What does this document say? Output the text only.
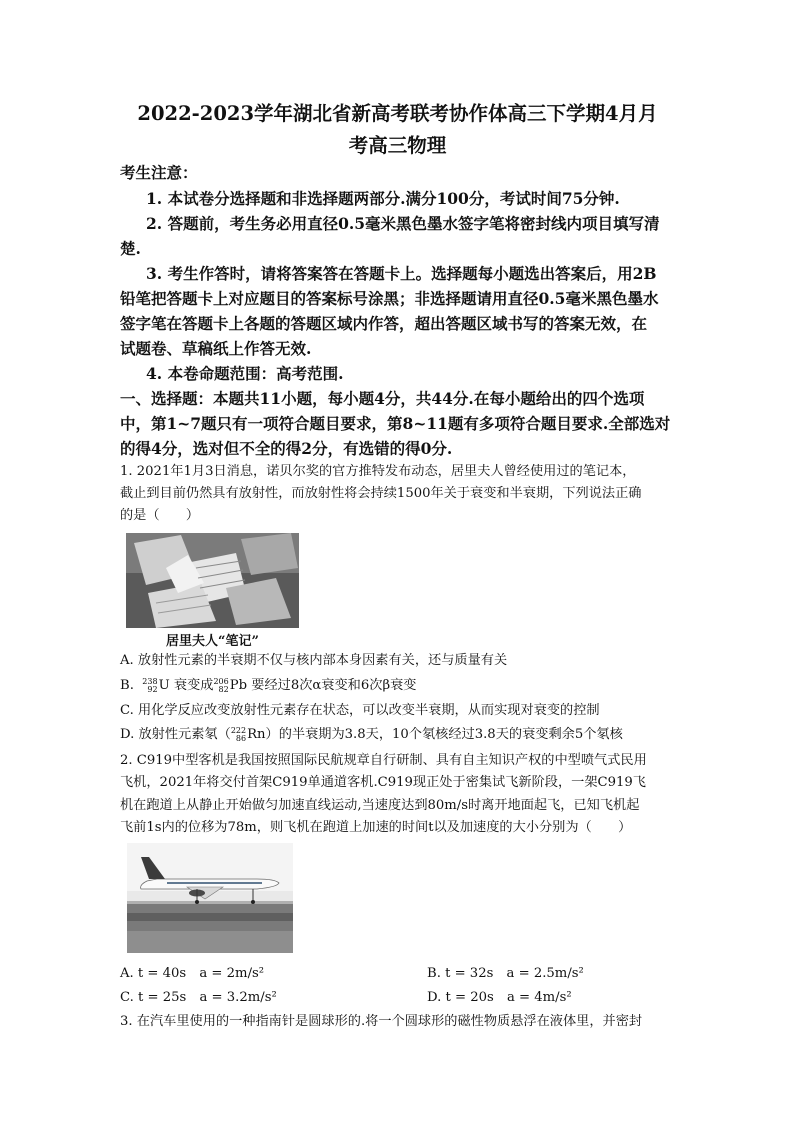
2022-2023学年湖北省新高考联考协作体高三下学期4月月
考高三物理
考生注意：
1. 本试卷分选择题和非选择题两部分.满分100分，考试时间75分钟.
2. 答题前，考生务必用直径0.5毫米黑色墨水签字笔将密封线内项目填写清
楚.
3. 考生作答时，请将答案答在答题卡上。选择题每小题选出答案后，用2B
铅笔把答题卡上对应题目的答案标号涂黑；非选择题请用直径0.5毫米黑色墨水
签字笔在答题卡上各题的答题区域内作答，超出答题区域书写的答案无效，在
试题卷、草稿纸上作答无效.
4. 本卷命题范围：高考范围.
一、选择题：本题共11小题，每小题4分，共44分.在每小题给出的四个选项
中，第1~7题只有一项符合题目要求，第8~11题有多项符合题目要求.全部选对
的得4分，选对但不全的得2分，有选错的得0分.
1. 2021年1月3日消息，诺贝尔奖的官方推特发布动态，居里夫人曾经使用过的笔记本，
截止到目前仍然具有放射性，而放射性将会持续1500年关于衰变和半衰期，下列说法正确
的是（　　）
居里夫人“笔记”
A. 放射性元素的半衰期不仅与核内部本身因素有关，还与质量有关
B. 238
92U 衰变成206
82Pb 要经过8次α衰变和6次β衰变
C. 用化学反应改变放射性元素存在状态，可以改变半衰期，从而实现对衰变的控制
D. 放射性元素氡（222
86Rn）的半衰期为3.8天，10个氡核经过3.8天的衰变剩余5个氡核
2. C919中型客机是我国按照国际民航规章自行研制、具有自主知识产权的中型喷气式民用
飞机，2021年将交付首架C919单通道客机.C919现正处于密集试飞新阶段，一架C919飞
机在跑道上从静止开始做匀加速直线运动,当速度达到80m/s时离开地面起飞，已知飞机起
飞前1s内的位移为78m，则飞机在跑道上加速的时间t以及加速度的大小分别为（　　）
A. t = 40s　a = 2m/s²	B. t = 32s　a = 2.5m/s²
C. t = 25s　a = 3.2m/s²	D. t = 20s　a = 4m/s²
3. 在汽车里使用的一种指南针是圆球形的.将一个圆球形的磁性物质悬浮在液体里，并密封
